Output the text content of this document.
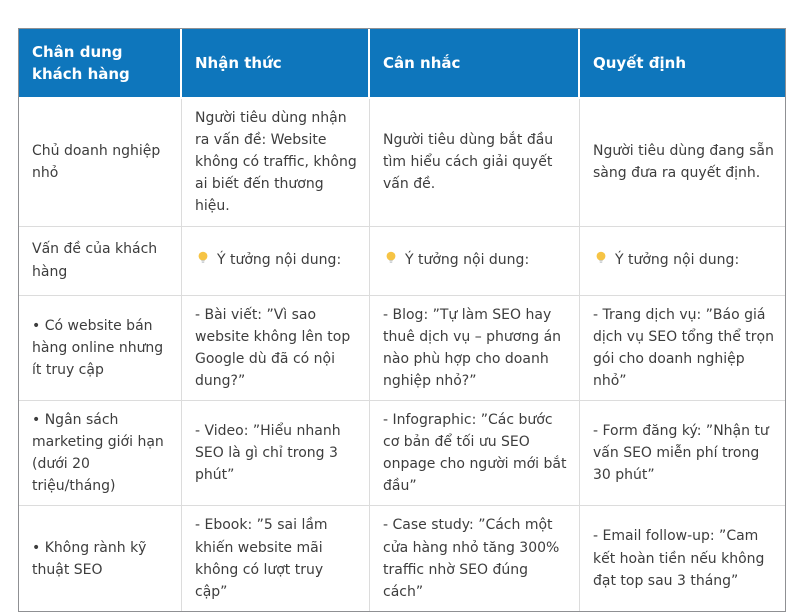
Chân dung khách hàng	Nhận thức	Cân nhắc	Quyết định
Chủ doanh nghiệp nhỏ	Người tiêu dùng nhận ra vấn đề: Website không có traffic, không ai biết đến thương hiệu.	Người tiêu dùng bắt đầu tìm hiểu cách giải quyết vấn đề.	Người tiêu dùng đang sẵn sàng đưa ra quyết định.
Vấn đề của khách hàng	Ý tưởng nội dung:	Ý tưởng nội dung:	Ý tưởng nội dung:
• Có website bán hàng online nhưng ít truy cập	- Bài viết: ”Vì sao website không lên top Google dù đã có nội dung?”	- Blog: ”Tự làm SEO hay thuê dịch vụ – phương án nào phù hợp cho doanh nghiệp nhỏ?”	- Trang dịch vụ: ”Báo giá dịch vụ SEO tổng thể trọn gói cho doanh nghiệp nhỏ”
• Ngân sách marketing giới hạn (dưới 20 triệu/tháng)	- Video: ”Hiểu nhanh SEO là gì chỉ trong 3 phút”	- Infographic: ”Các bước cơ bản để tối ưu SEO onpage cho người mới bắt đầu”	- Form đăng ký: ”Nhận tư vấn SEO miễn phí trong 30 phút”
• Không rành kỹ thuật SEO	- Ebook: ”5 sai lầm khiến website mãi không có lượt truy cập”	- Case study: ”Cách một cửa hàng nhỏ tăng 300% traffic nhờ SEO đúng cách”	- Email follow-up: ”Cam kết hoàn tiền nếu không đạt top sau 3 tháng”
